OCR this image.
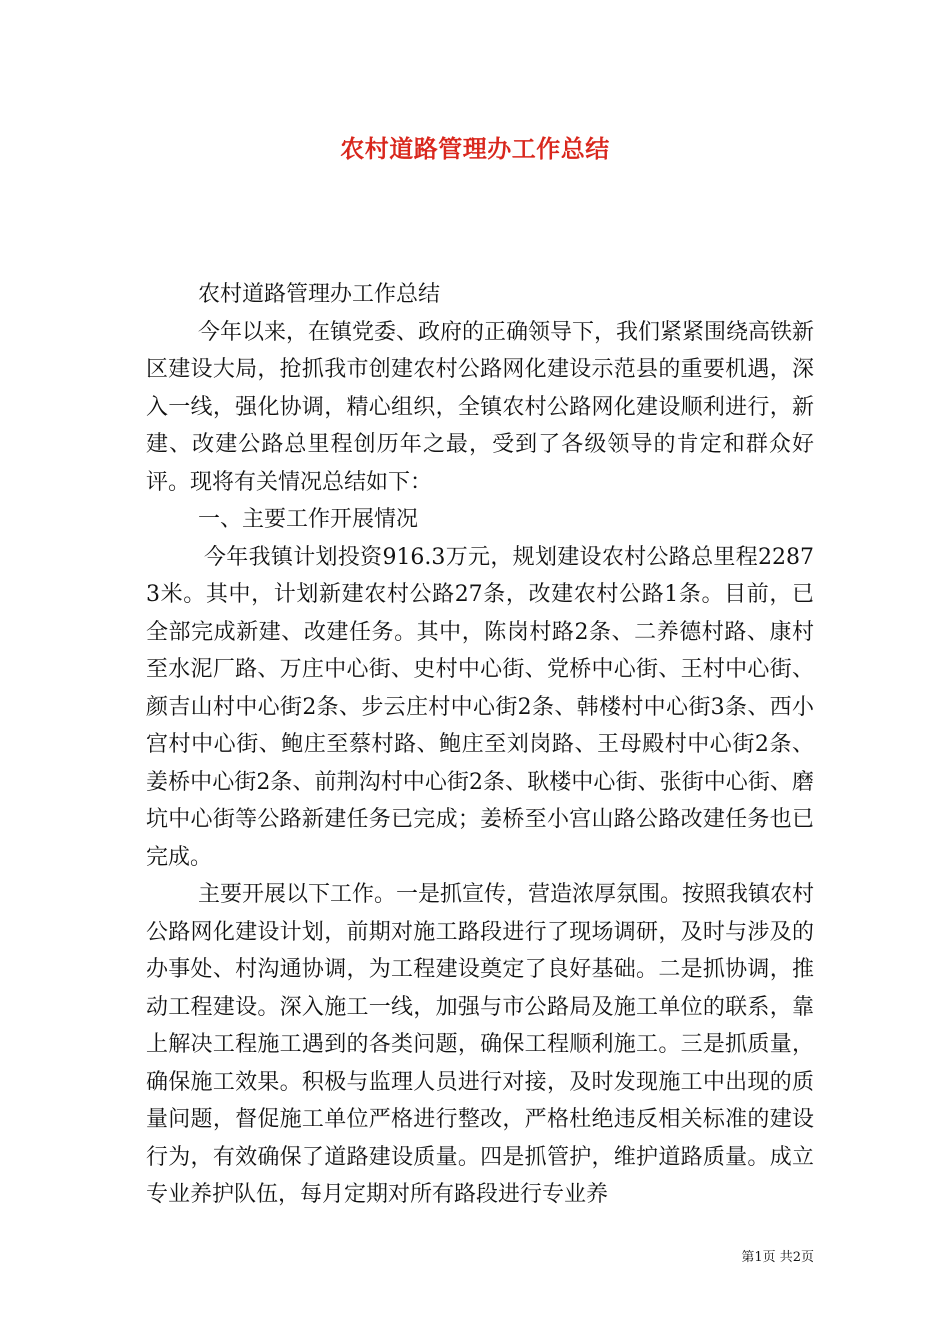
农村道路管理办工作总结

农村道路管理办工作总结

今年以来，在镇党委、政府的正确领导下，我们紧紧围绕高铁新区建设大局，抢抓我市创建农村公路网化建设示范县的重要机遇，深入一线，强化协调，精心组织，全镇农村公路网化建设顺利进行，新建、改建公路总里程创历年之最，受到了各级领导的肯定和群众好评。现将有关情况总结如下：

一、主要工作开展情况

今年我镇计划投资916.3万元，规划建设农村公路总里程22873米。其中，计划新建农村公路27条，改建农村公路1条。目前，已全部完成新建、改建任务。其中，陈岗村路2条、二养德村路、康村至水泥厂路、万庄中心街、史村中心街、党桥中心街、王村中心街、颜吉山村中心街2条、步云庄村中心街2条、韩楼村中心街3条、西小宫村中心街、鲍庄至蔡村路、鲍庄至刘岗路、王母殿村中心街2条、姜桥中心街2条、前荆沟村中心街2条、耿楼中心街、张街中心街、磨坑中心街等公路新建任务已完成；姜桥至小宫山路公路改建任务也已完成。

主要开展以下工作。一是抓宣传，营造浓厚氛围。按照我镇农村公路网化建设计划，前期对施工路段进行了现场调研，及时与涉及的办事处、村沟通协调，为工程建设奠定了良好基础。二是抓协调，推动工程建设。深入施工一线，加强与市公路局及施工单位的联系，靠上解决工程施工遇到的各类问题，确保工程顺利施工。三是抓质量，确保施工效果。积极与监理人员进行对接，及时发现施工中出现的质量问题，督促施工单位严格进行整改，严格杜绝违反相关标准的建设行为，有效确保了道路建设质量。四是抓管护，维护道路质量。成立专业养护队伍，每月定期对所有路段进行专业养

第1页 共2页
